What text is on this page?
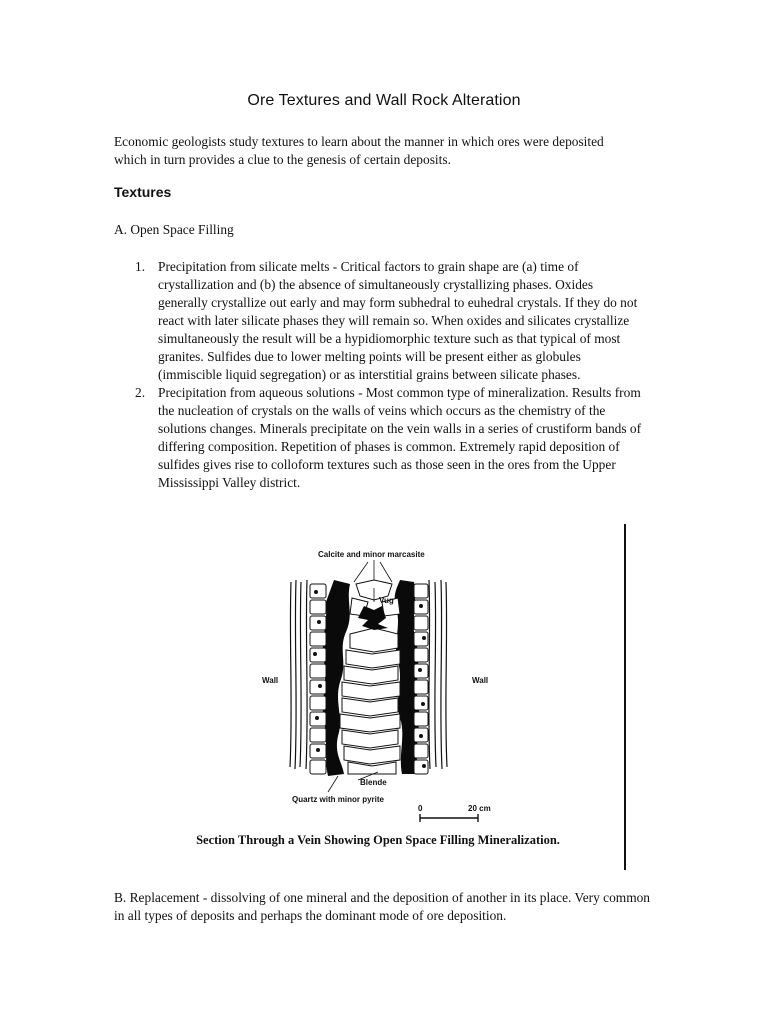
Ore Textures and Wall Rock Alteration
Economic geologists study textures to learn about the manner in which ores were deposited which in turn provides a clue to the genesis of certain deposits.
Textures
A. Open Space Filling
1. Precipitation from silicate melts - Critical factors to grain shape are (a) time of crystallization and (b) the absence of simultaneously crystallizing phases. Oxides generally crystallize out early and may form subhedral to euhedral crystals. If they do not react with later silicate phases they will remain so. When oxides and silicates crystallize simultaneously the result will be a hypidiomorphic texture such as that typical of most granites. Sulfides due to lower melting points will be present either as globules (immiscible liquid segregation) or as interstitial grains between silicate phases.
2. Precipitation from aqueous solutions - Most common type of mineralization. Results from the nucleation of crystals on the walls of veins which occurs as the chemistry of the solutions changes. Minerals precipitate on the vein walls in a series of crustiform bands of differing composition. Repetition of phases is common. Extremely rapid deposition of sulfides gives rise to colloform textures such as those seen in the ores from the Upper Mississippi Valley district.
Calcite and minor marcasite
Vug
Wall	Wall
Blende
Quartz with minor pyrite
0	20 cm
Section Through a Vein Showing Open Space Filling Mineralization.
B. Replacement - dissolving of one mineral and the deposition of another in its place. Very common in all types of deposits and perhaps the dominant mode of ore deposition.
